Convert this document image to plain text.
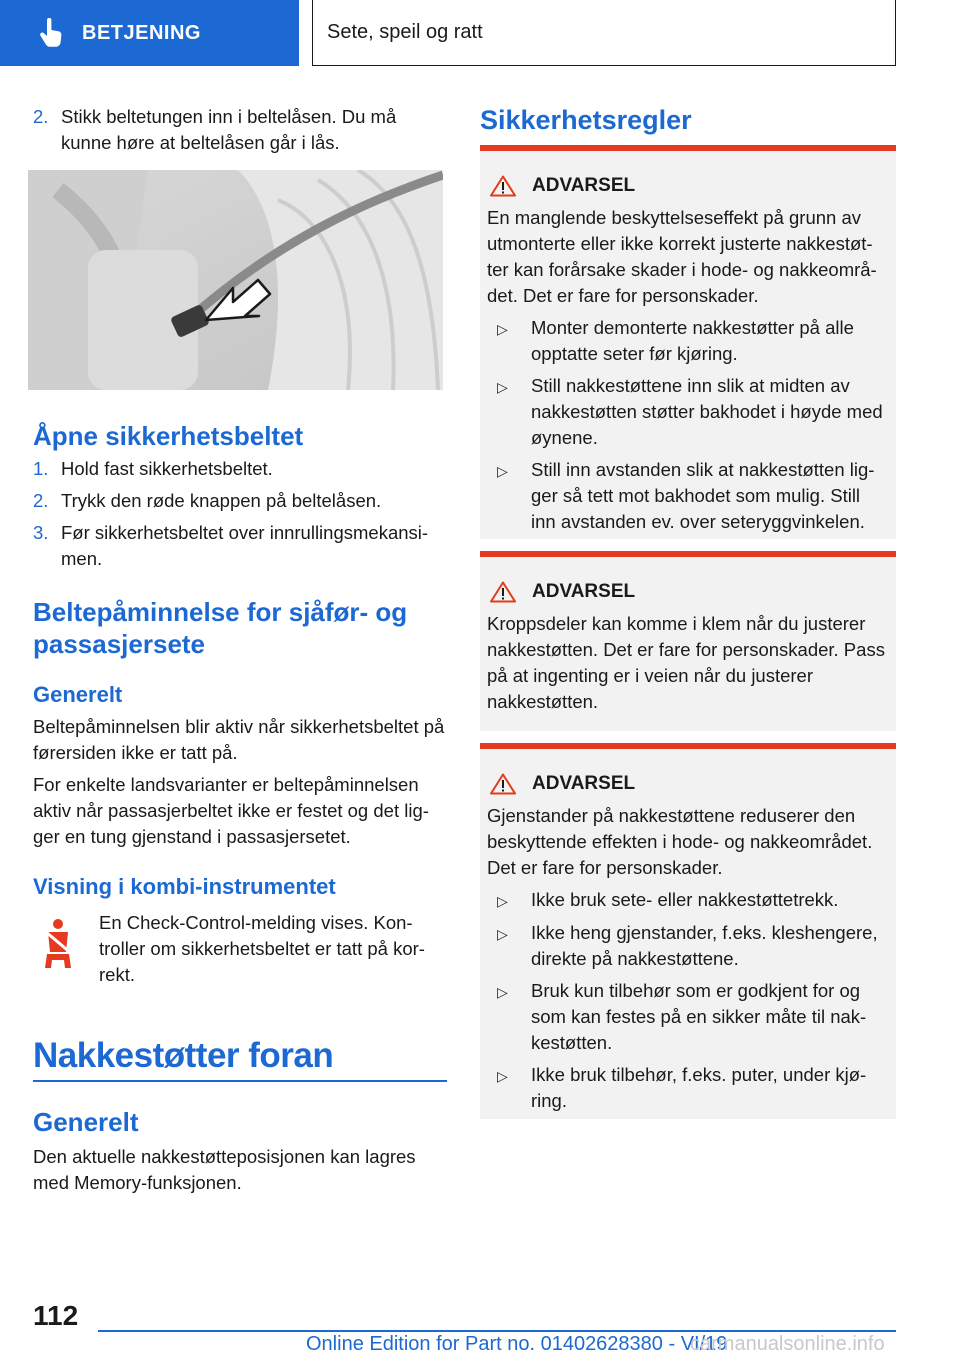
BETJENING	Sete, speil og ratt
2. Stikk beltetungen inn i beltelåsen. Du må kunne høre at beltelåsen går i lås.
Åpne sikkerhetsbeltet
1. Hold fast sikkerhetsbeltet.
2. Trykk den røde knappen på beltelåsen.
3. Før sikkerhetsbeltet over innrullingsmekansi-men.
Beltepåminnelse for sjåfør- og passasjersete
Generelt
Beltepåminnelsen blir aktiv når sikkerhetsbeltet på førersiden ikke er tatt på.
For enkelte landsvarianter er beltepåminnelsen aktiv når passasjerbeltet ikke er festet og det lig-ger en tung gjenstand i passasjersetet.
Visning i kombi-instrumentet
En Check-Control-melding vises. Kon-troller om sikkerhetsbeltet er tatt på kor-rekt.
Nakkestøtter foran
Generelt
Den aktuelle nakkestøtteposisjonen kan lagres med Memory-funksjonen.
Sikkerhetsregler
ADVARSEL
En manglende beskyttelseseffekt på grunn av utmonterte eller ikke korrekt justerte nakkestøt-ter kan forårsake skader i hode- og nakkeområ-det. Det er fare for personskader.
▷	Monter demonterte nakkestøtter på alle opptatte seter før kjøring.
▷	Still nakkestøttene inn slik at midten av nakkestøtten støtter bakhodet i høyde med øynene.
▷	Still inn avstanden slik at nakkestøtten lig-ger så tett mot bakhodet som mulig. Still inn avstanden ev. over seteryggvinkelen.
ADVARSEL
Kroppsdeler kan komme i klem når du justerer nakkestøtten. Det er fare for personskader. Pass på at ingenting er i veien når du justerer nakkestøtten.
ADVARSEL
Gjenstander på nakkestøttene reduserer den beskyttende effekten i hode- og nakkeområdet. Det er fare for personskader.
▷	Ikke bruk sete- eller nakkestøttetrekk.
▷	Ikke heng gjenstander, f.eks. kleshengere, direkte på nakkestøttene.
▷	Bruk kun tilbehør som er godkjent for og som kan festes på en sikker måte til nak-kestøtten.
▷	Ikke bruk tilbehør, f.eks. puter, under kjø-ring.
112
Online Edition for Part no. 01402628380 - VI/19
carmanualsonline.info
